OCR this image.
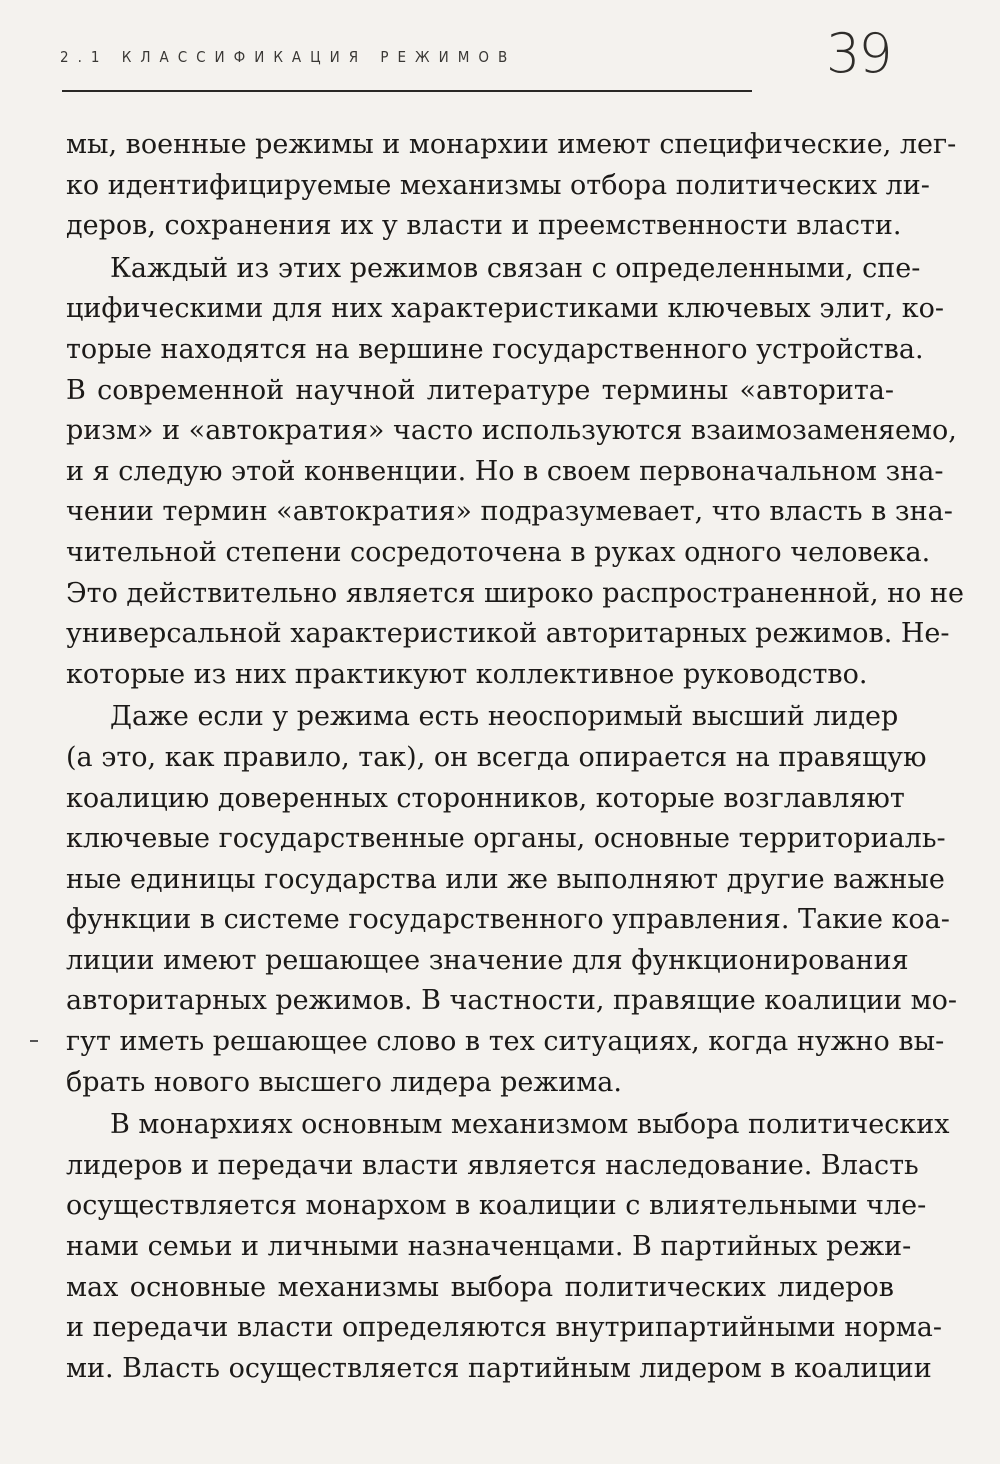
2.1 КЛАССИФИКАЦИЯ РЕЖИМОВ	39
мы, военные режимы и монархии имеют специфические, лег-
ко идентифицируемые механизмы отбора политических ли-
деров, сохранения их у власти и преемственности власти.
Каждый из этих режимов связан с определенными, спе-
цифическими для них характеристиками ключевых элит, ко-
торые находятся на вершине государственного устройства.
В современной научной литературе термины «авторита-
ризм» и «автократия» часто используются взаимозаменяемо,
и я следую этой конвенции. Но в своем первоначальном зна-
чении термин «автократия» подразумевает, что власть в зна-
чительной степени сосредоточена в руках одного человека.
Это действительно является широко распространенной, но не
универсальной характеристикой авторитарных режимов. Не-
которые из них практикуют коллективное руководство.
Даже если у режима есть неоспоримый высший лидер
(а это, как правило, так), он всегда опирается на правящую
коалицию доверенных сторонников, которые возглавляют
ключевые государственные органы, основные территориаль-
ные единицы государства или же выполняют другие важные
функции в системе государственного управления. Такие коа-
лиции имеют решающее значение для функционирования
авторитарных режимов. В частности, правящие коалиции мо-
гут иметь решающее слово в тех ситуациях, когда нужно вы-
брать нового высшего лидера режима.
В монархиях основным механизмом выбора политических
лидеров и передачи власти является наследование. Власть
осуществляется монархом в коалиции с влиятельными чле-
нами семьи и личными назначенцами. В партийных режи-
мах основные механизмы выбора политических лидеров
и передачи власти определяются внутрипартийными норма-
ми. Власть осуществляется партийным лидером в коалиции
